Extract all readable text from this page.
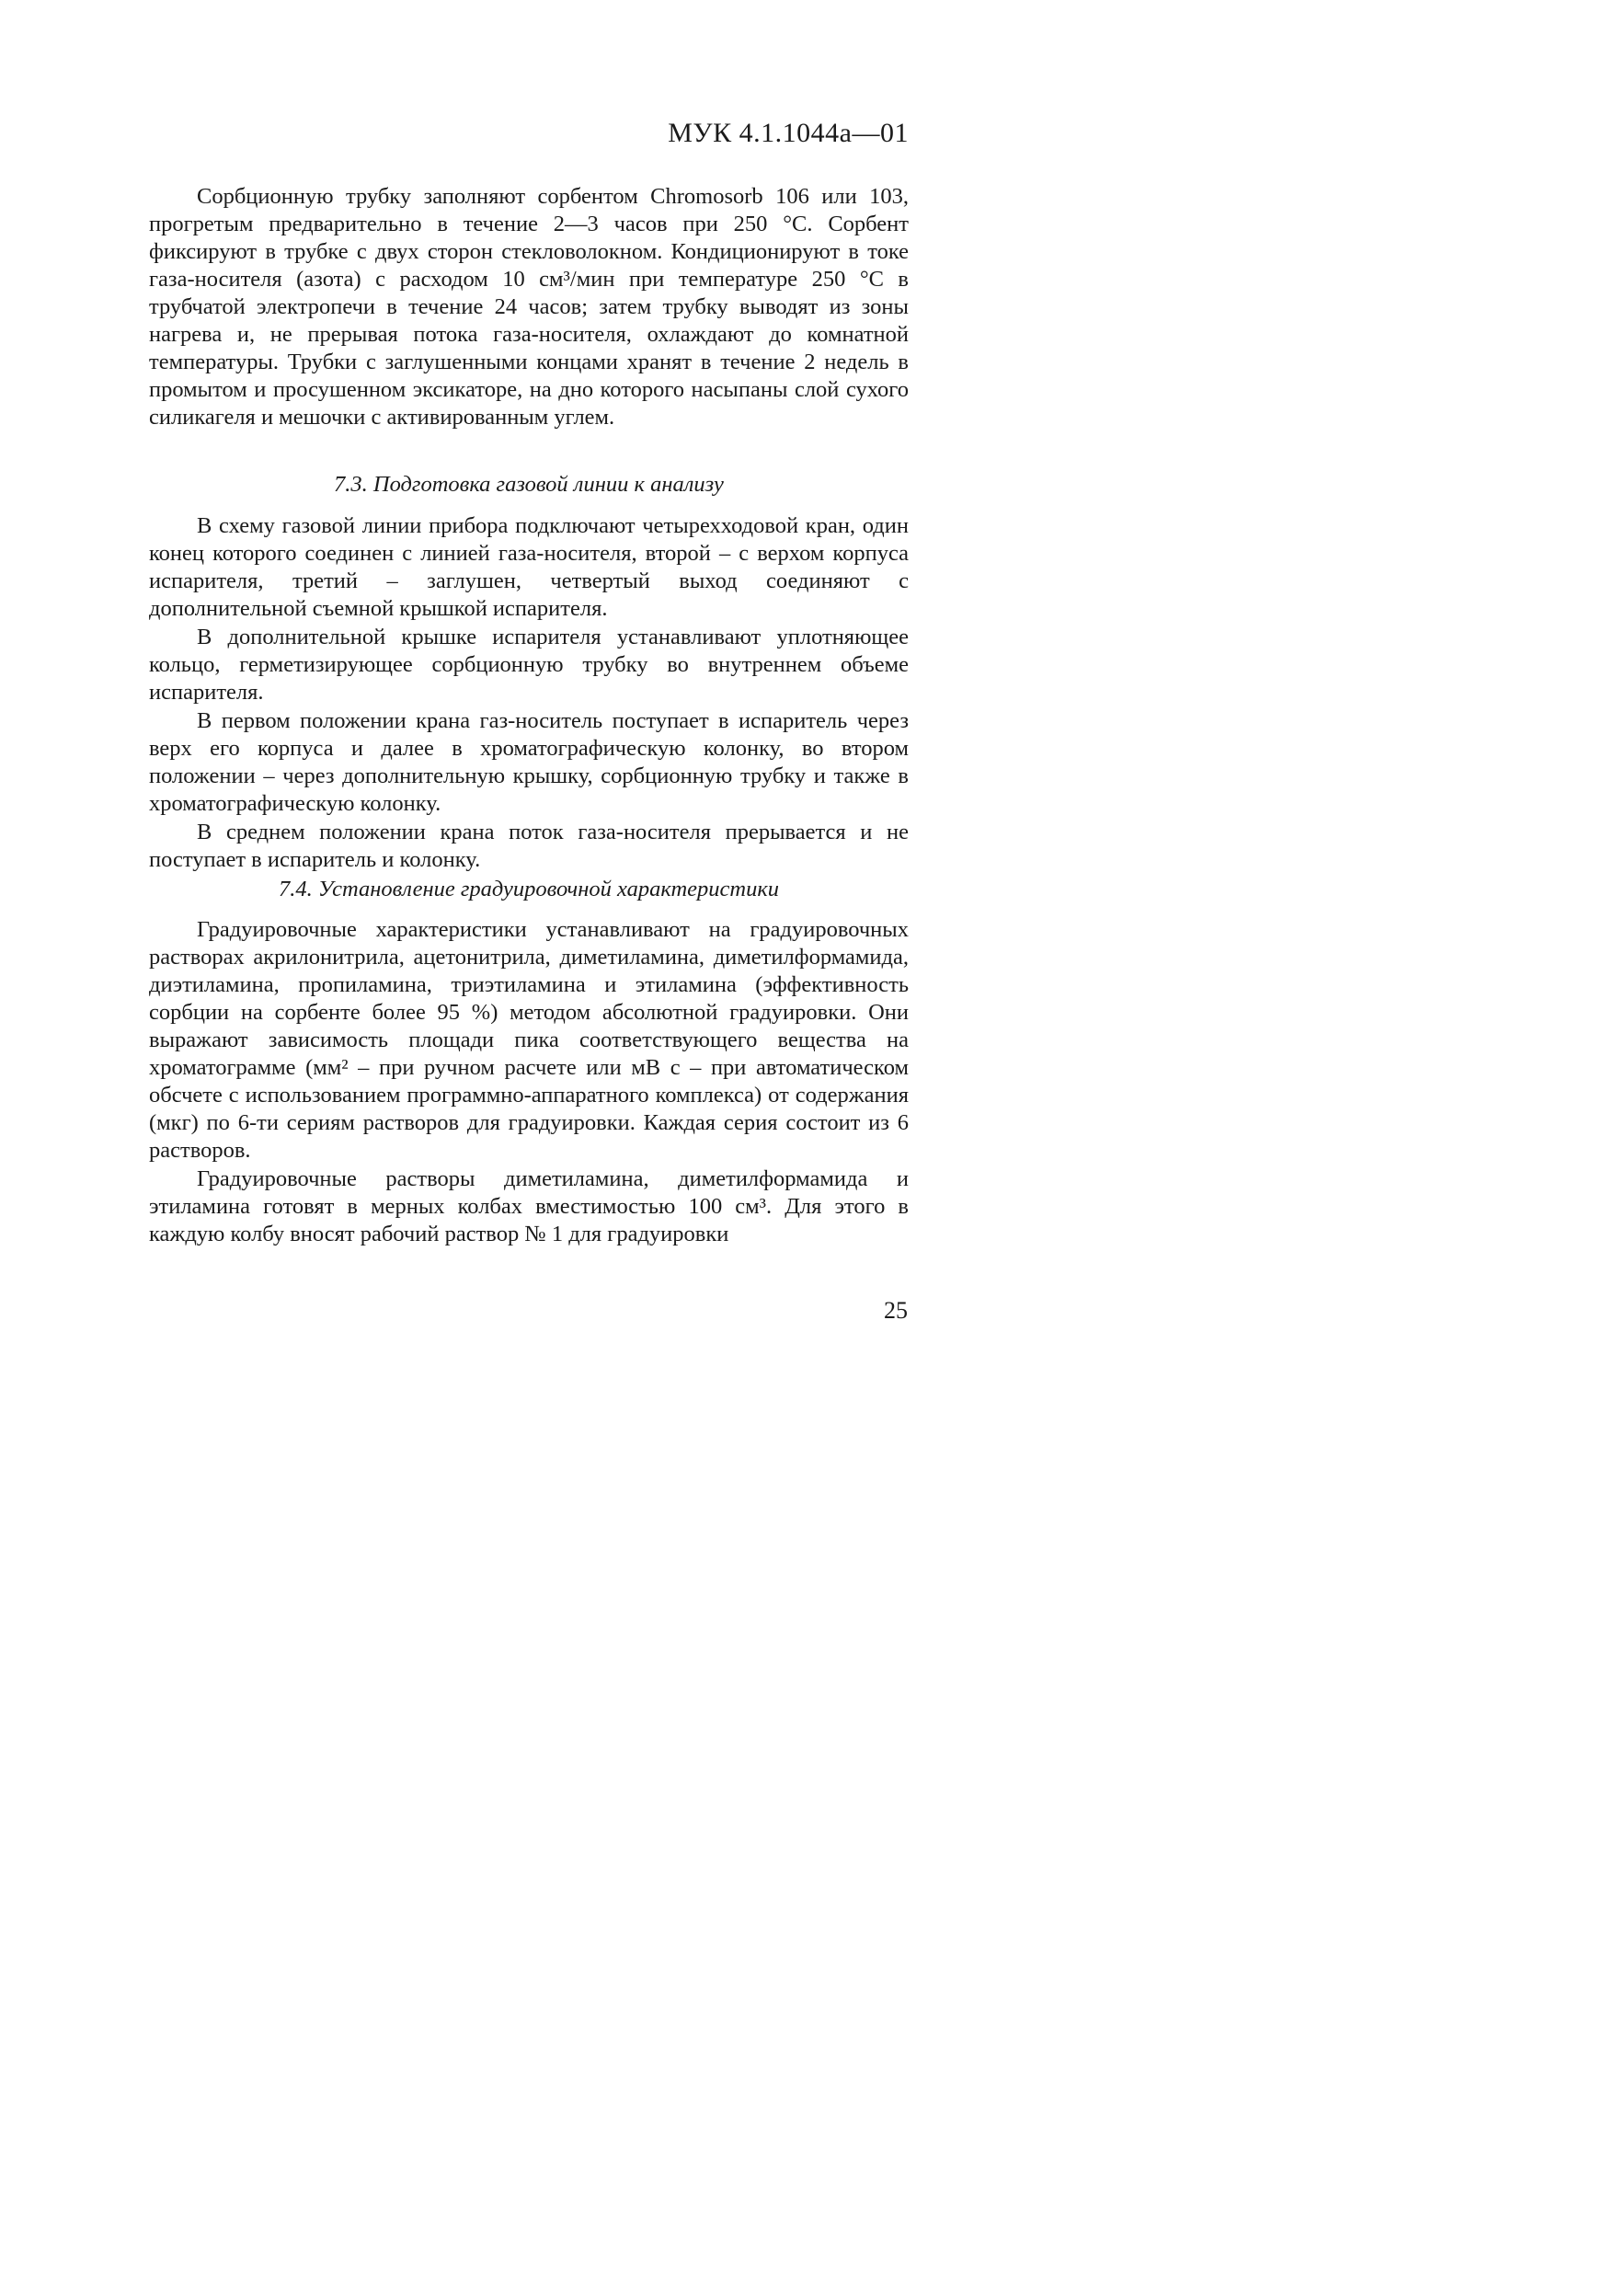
МУК 4.1.1044а—01

Сорбционную трубку заполняют сорбентом Chromosorb 106 или 103, прогретым предварительно в течение 2—3 часов при 250 °С. Сорбент фиксируют в трубке с двух сторон стекловолокном. Кондиционируют в токе газа-носителя (азота) с расходом 10 см³/мин при температуре 250 °С в трубчатой электропечи в течение 24 часов; затем трубку выводят из зоны нагрева и, не прерывая потока газа-носителя, охлаждают до комнатной температуры. Трубки с заглушенными концами хранят в течение 2 недель в промытом и просушенном эксикаторе, на дно которого насыпаны слой сухого силикагеля и мешочки с активированным углем.

7.3. Подготовка газовой линии к анализу

В схему газовой линии прибора подключают четырехходовой кран, один конец которого соединен с линией газа-носителя, второй – с верхом корпуса испарителя, третий – заглушен, четвертый выход соединяют с дополнительной съемной крышкой испарителя.

В дополнительной крышке испарителя устанавливают уплотняющее кольцо, герметизирующее сорбционную трубку во внутреннем объеме испарителя.

В первом положении крана газ-носитель поступает в испаритель через верх его корпуса и далее в хроматографическую колонку, во втором положении – через дополнительную крышку, сорбционную трубку и также в хроматографическую колонку.

В среднем положении крана поток газа-носителя прерывается и не поступает в испаритель и колонку.

7.4. Установление градуировочной характеристики

Градуировочные характеристики устанавливают на градуировочных растворах акрилонитрила, ацетонитрила, диметиламина, диметилформамида, диэтиламина, пропиламина, триэтиламина и этиламина (эффективность сорбции на сорбенте более 95 %) методом абсолютной градуировки. Они выражают зависимость площади пика соответствующего вещества на хроматограмме (мм² – при ручном расчете или мВ с – при автоматическом обсчете с использованием программно-аппаратного комплекса) от содержания (мкг) по 6-ти сериям растворов для градуировки. Каждая серия состоит из 6 растворов.

Градуировочные растворы диметиламина, диметилформамида и этиламина готовят в мерных колбах вместимостью 100 см³. Для этого в каждую колбу вносят рабочий раствор № 1 для градуировки

25
